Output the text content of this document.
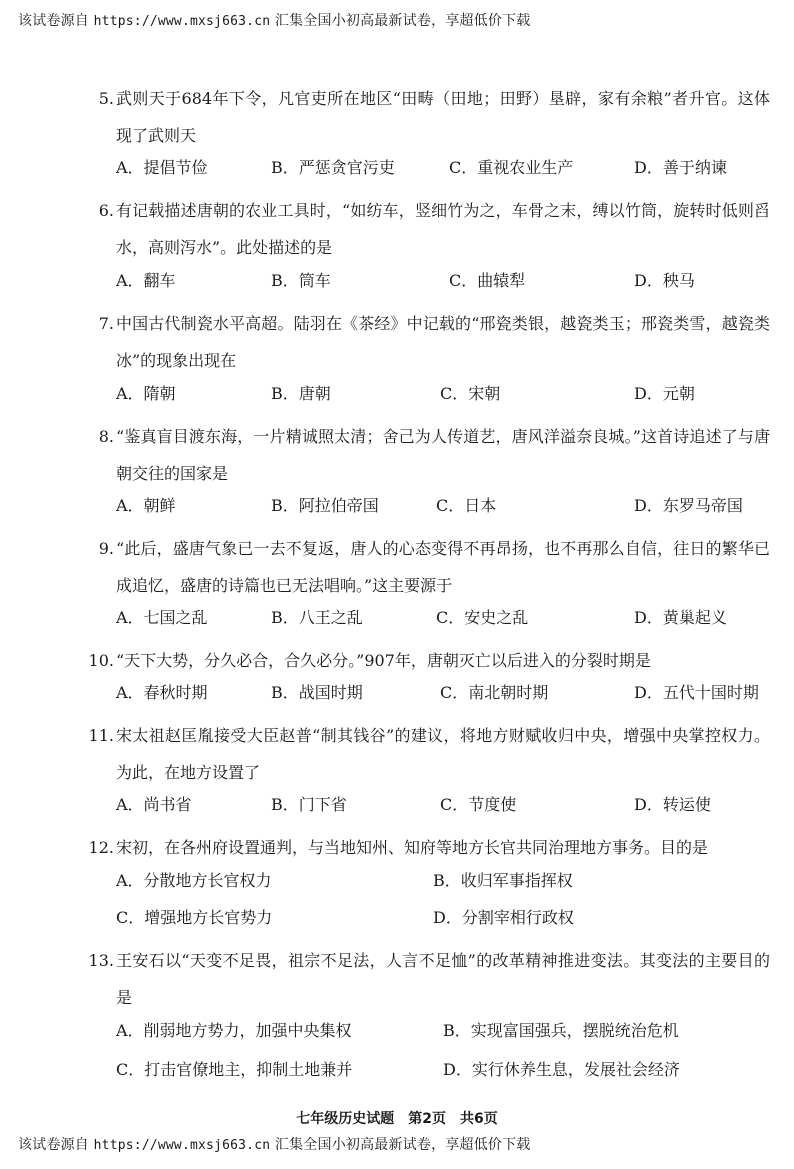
该试卷源自 https://www.mxsj663.cn 汇集全国小初高最新试卷，享超低价下载
5. 武则天于684年下令，凡官吏所在地区“田畴（田地；田野）垦辟，家有余粮”者升官。这体现了武则天
A．提倡节俭	B．严惩贪官污吏	C．重视农业生产	D．善于纳谏
6. 有记载描述唐朝的农业工具时，“如纺车，竖细竹为之，车骨之末，缚以竹筒，旋转时低则舀水，高则泻水”。此处描述的是
A．翻车	B．筒车	C．曲辕犁	D．秧马
7. 中国古代制瓷水平高超。陆羽在《茶经》中记载的“邢瓷类银，越瓷类玉；邢瓷类雪，越瓷类冰”的现象出现在
A．隋朝	B．唐朝	C．宋朝	D．元朝
8. “鉴真盲目渡东海，一片精诚照太清；舍己为人传道艺，唐风洋溢奈良城。”这首诗追述了与唐朝交往的国家是
A．朝鲜	B．阿拉伯帝国	C．日本	D．东罗马帝国
9. “此后，盛唐气象已一去不复返，唐人的心态变得不再昂扬，也不再那么自信，往日的繁华已成追忆，盛唐的诗篇也已无法唱响。”这主要源于
A．七国之乱	B．八王之乱	C．安史之乱	D．黄巢起义
10. “天下大势，分久必合，合久必分。”907年，唐朝灭亡以后进入的分裂时期是
A．春秋时期	B．战国时期	C．南北朝时期	D．五代十国时期
11. 宋太祖赵匡胤接受大臣赵普“制其钱谷”的建议，将地方财赋收归中央，增强中央掌控权力。为此，在地方设置了
A．尚书省	B．门下省	C．节度使	D．转运使
12. 宋初，在各州府设置通判，与当地知州、知府等地方长官共同治理地方事务。目的是
A．分散地方长官权力	B．收归军事指挥权
C．增强地方长官势力	D．分割宰相行政权
13. 王安石以“天变不足畏，祖宗不足法，人言不足恤”的改革精神推进变法。其变法的主要目的是
A．削弱地方势力，加强中央集权	B．实现富国强兵，摆脱统治危机
C．打击官僚地主，抑制土地兼并	D．实行休养生息，发展社会经济
七年级历史试题　第2页　共6页
该试卷源自 https://www.mxsj663.cn 汇集全国小初高最新试卷，享超低价下载
